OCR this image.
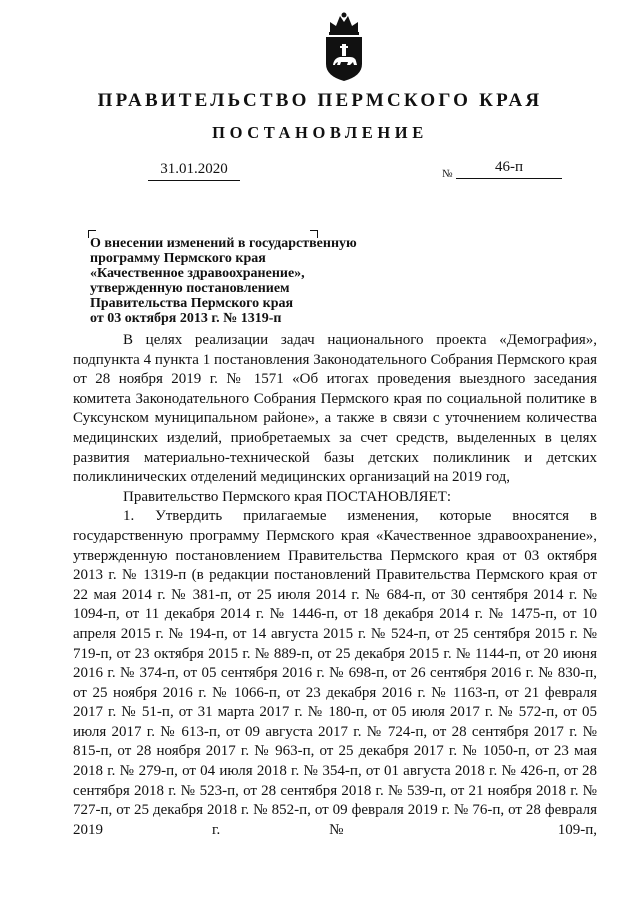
ПРАВИТЕЛЬСТВО ПЕРМСКОГО КРАЯ
ПОСТАНОВЛЕНИЕ
31.01.2020	№	46-п
О внесении изменений в государственную
программу Пермского края
«Качественное здравоохранение»,
утвержденную постановлением
Правительства Пермского края
от 03 октября 2013 г. № 1319-п

В целях реализации задач национального проекта «Демография», подпункта 4 пункта 1 постановления Законодательного Собрания Пермского края от 28 ноября 2019 г. № 1571 «Об итогах проведения выездного заседания комитета Законодательного Собрания Пермского края по социальной политике в Суксунском муниципальном районе», а также в связи с уточнением количества медицинских изделий, приобретаемых за счет средств, выделенных в целях развития материально-технической базы детских поликлиник и детских поликлинических отделений медицинских организаций на 2019 год,

Правительство Пермского края ПОСТАНОВЛЯЕТ:

1. Утвердить прилагаемые изменения, которые вносятся в государственную программу Пермского края «Качественное здравоохранение», утвержденную постановлением Правительства Пермского края от 03 октября 2013 г. № 1319-п (в редакции постановлений Правительства Пермского края от 22 мая 2014 г. № 381-п, от 25 июля 2014 г. № 684-п, от 30 сентября 2014 г. № 1094-п, от 11 декабря 2014 г. № 1446-п, от 18 декабря 2014 г. № 1475-п, от 10 апреля 2015 г. № 194-п, от 14 августа 2015 г. № 524-п, от 25 сентября 2015 г. № 719-п, от 23 октября 2015 г. № 889-п, от 25 декабря 2015 г. № 1144-п, от 20 июня 2016 г. № 374-п, от 05 сентября 2016 г. № 698-п, от 26 сентября 2016 г. № 830-п, от 25 ноября 2016 г. № 1066-п, от 23 декабря 2016 г. № 1163-п, от 21 февраля 2017 г. № 51-п, от 31 марта 2017 г. № 180-п, от 05 июля 2017 г. № 572-п, от 05 июля 2017 г. № 613-п, от 09 августа 2017 г. № 724-п, от 28 сентября 2017 г. № 815-п, от 28 ноября 2017 г. № 963-п, от 25 декабря 2017 г. № 1050-п, от 23 мая 2018 г. № 279-п, от 04 июля 2018 г. № 354-п, от 01 августа 2018 г. № 426-п, от 28 сентября 2018 г. № 523-п, от 28 сентября 2018 г. № 539-п, от 21 ноября 2018 г. № 727-п, от 25 декабря 2018 г. № 852-п, от 09 февраля 2019 г. № 76-п, от 28 февраля 2019 г. № 109-п,
